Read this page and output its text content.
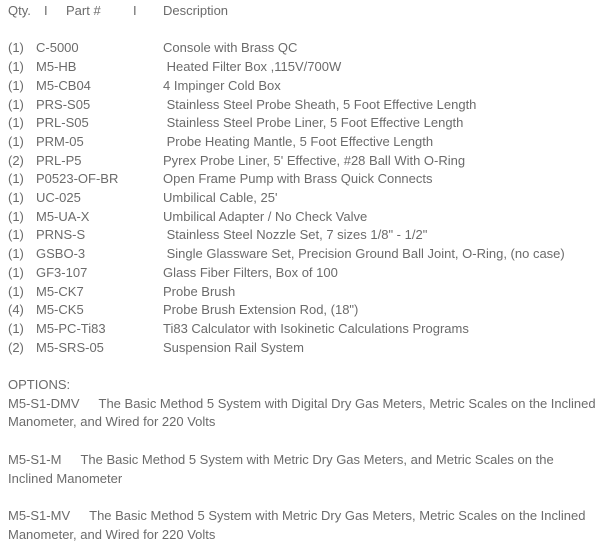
Qty.	I	Part #	I	Description
(1) C-5000	Console with Brass QC
(1) M5-HB	Heated Filter Box ,115V/700W
(1) M5-CB04	4 Impinger Cold Box
(1) PRS-S05	Stainless Steel Probe Sheath, 5 Foot Effective Length
(1) PRL-S05	Stainless Steel Probe Liner, 5 Foot Effective Length
(1) PRM-05	Probe Heating Mantle, 5 Foot Effective Length
(2) PRL-P5	Pyrex Probe Liner, 5' Effective, #28 Ball With O-Ring
(1) P0523-OF-BR	Open Frame Pump with Brass Quick Connects
(1) UC-025	Umbilical Cable, 25'
(1) M5-UA-X	Umbilical Adapter / No Check Valve
(1) PRNS-S	Stainless Steel Nozzle Set, 7 sizes 1/8" - 1/2"
(1) GSBO-3	Single Glassware Set, Precision Ground Ball Joint, O-Ring, (no case)
(1) GF3-107	Glass Fiber Filters, Box of 100
(1) M5-CK7	Probe Brush
(4) M5-CK5	Probe Brush Extension Rod, (18")
(1) M5-PC-Ti83	Ti83 Calculator with Isokinetic Calculations Programs
(2) M5-SRS-05	Suspension Rail System

OPTIONS:

M5-S1-DMV The Basic Method 5 System with Digital Dry Gas Meters, Metric Scales on the Inclined Manometer, and Wired for 220 Volts

M5-S1-M The Basic Method 5 System with Metric Dry Gas Meters, and Metric Scales on the Inclined Manometer

M5-S1-MV The Basic Method 5 System with Metric Dry Gas Meters, Metric Scales on the Inclined Manometer, and Wired for 220 Volts
